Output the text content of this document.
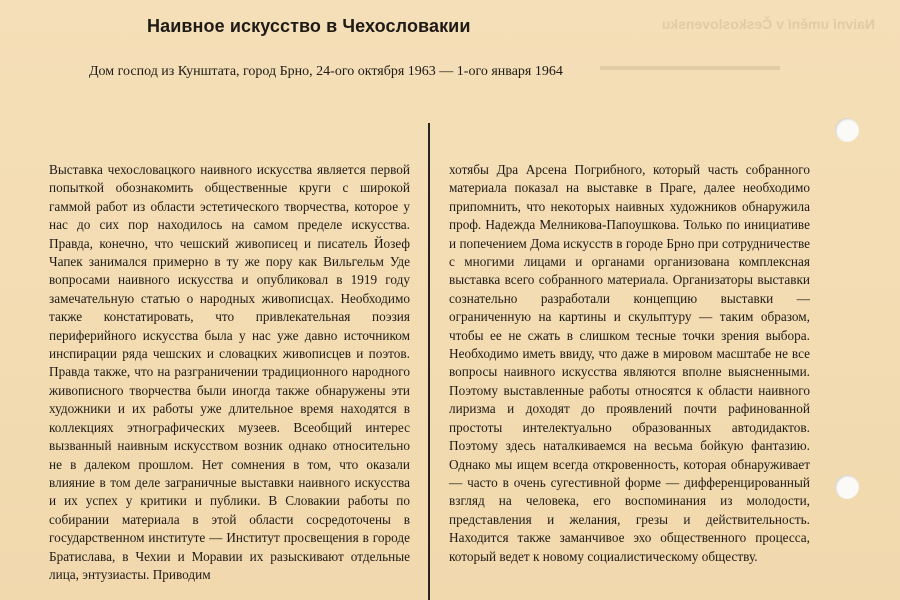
Naivní umění v Československu
Наивное искусство в Чехословакии
Дом господ из Кунштата, город Брно, 24-ого октября 1963 — 1-ого января 1964

Выставка чехословацкого наивного искусства является первой попыткой обознакомить общественные круги с широкой гаммой работ из области эстетического творчества, которое у нас до сих пор находилось на самом пределе искусства. Правда, конечно, что чешский живописец и писатель Йозеф Чапек занимался примерно в ту же пору как Вильгельм Уде вопросами наивного искусства и опубликовал в 1919 году замечательную статью о народных живописцах. Необходимо также констатировать, что привлекательная поэзия периферийного искусства была у нас уже давно источником инспирации ряда чешских и словацких живописцев и поэтов. Правда также, что на разграничении традиционного народного живописного творчества были иногда также обнаружены эти художники и их работы уже длительное время находятся в коллекциях этнографических музеев. Всеобщий интерес вызванный наивным искусством возник однако относительно не в далеком прошлом. Нет сомнения в том, что оказали влияние в том деле заграничные выставки наивного искусства и их успех у критики и публики. В Словакии работы по собирании материала в этой области сосредоточены в государственном институте — Институт просвещения в городе Братислава, в Чехии и Моравии их разыскивают отдельные лица, энтузиасты. Приводим

хотябы Дра Арсена Погрибного, который часть собранного материала показал на выставке в Праге, далее необходимо припомнить, что некоторых наивных художников обнаружила проф. Надежда Мелникова-Папоушкова. Только по инициативе и попечением Дома искусств в городе Брно при сотрудничестве с многими лицами и органами организована комплексная выставка всего собранного материала. Организаторы выставки сознательно разработали концепцию выставки — ограниченную на картины и скульптуру — таким образом, чтобы ее не сжать в слишком тесные точки зрения выбора. Необходимо иметь ввиду, что даже в мировом масштабе не все вопросы наивного искусства являются вполне выясненными. Поэтому выставленные работы относятся к области наивного лиризма и доходят до проявлений почти рафинованной простоты интелектуально образованных автодидактов. Поэтому здесь наталкиваемся на весьма бойкую фантазию. Однако мы ищем всегда откровенность, которая обнаруживает — часто в очень сугестивной форме — дифференцированный взгляд на человека, его воспоминания из молодости, представления и желания, грезы и действительность. Находится также заманчивое эхо общественного процесса, который ведет к новому социалистическому обществу.
